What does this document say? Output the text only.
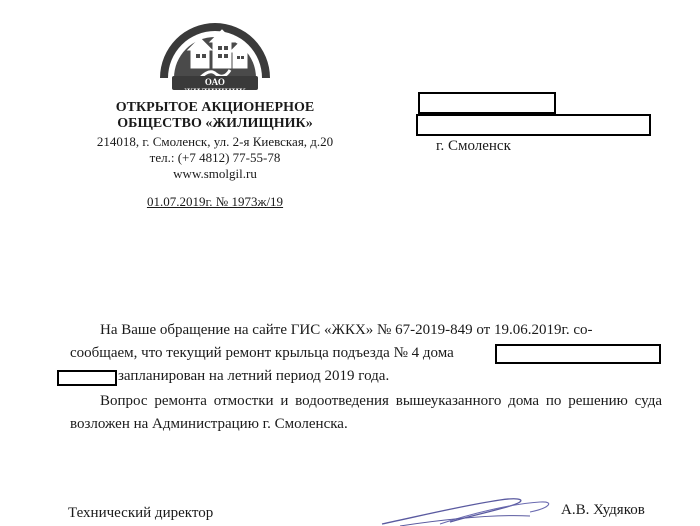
ОАО «ЖИЛИЩНИК»
ОТКРЫТОЕ АКЦИОНЕРНОЕ
ОБЩЕСТВО «ЖИЛИЩНИК»
214018, г. Смоленск, ул. 2-я Киевская, д.20
тел.: (+7 4812) 77-55-78
www.smolgil.ru
01.07.2019г. № 1973ж/19
г. Смоленск
На Ваше обращение на сайте ГИС «ЖКХ» № 67-2019-849 от 19.06.2019г. со-
сообщаем, что текущий ремонт крыльца подъезда № 4 дома
запланирован на летний период 2019 года.
Вопрос ремонта отмостки и водоотведения вышеуказанного дома по решению суда возложен на Администрацию г. Смоленска.
Технический директор	А.В. Худяков
